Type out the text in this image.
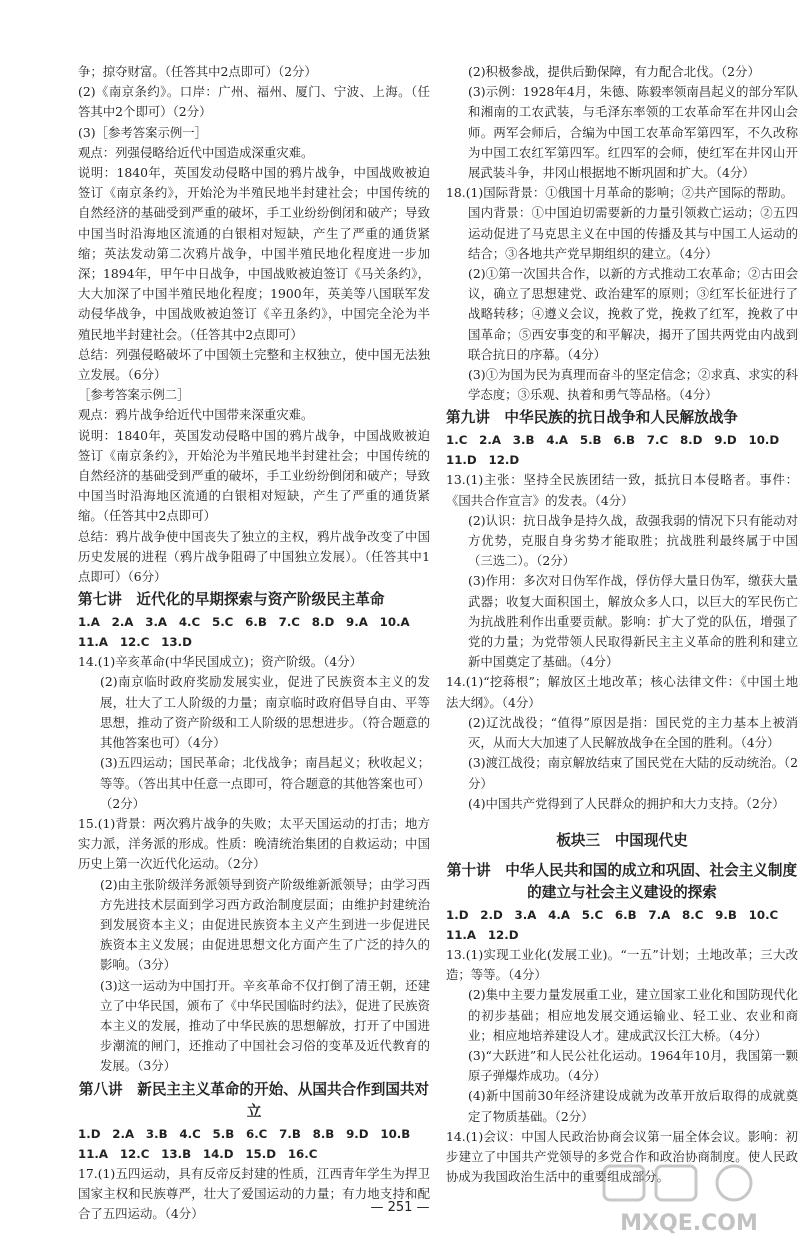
争；掠夺财富。（任答其中2点即可）（2分）

(2)《南京条约》。口岸：广州、福州、厦门、宁波、上海。（任答其中2个即可）（2分）

(3)［参考答案示例一］

观点：列强侵略给近代中国造成深重灾难。

说明：1840年，英国发动侵略中国的鸦片战争，中国战败被迫签订《南京条约》，开始沦为半殖民地半封建社会；中国传统的自然经济的基础受到严重的破坏，手工业纷纷倒闭和破产；导致中国当时沿海地区流通的白银相对短缺，产生了严重的通货紧缩；英法发动第二次鸦片战争，中国半殖民地化程度进一步加深；1894年，甲午中日战争，中国战败被迫签订《马关条约》，大大加深了中国半殖民地化程度；1900年，英美等八国联军发动侵华战争，中国战败被迫签订《辛丑条约》，中国完全沦为半殖民地半封建社会。（任答其中2点即可）

总结：列强侵略破坏了中国领土完整和主权独立，使中国无法独立发展。（6分）

［参考答案示例二］

观点：鸦片战争给近代中国带来深重灾难。

说明：1840年，英国发动侵略中国的鸦片战争，中国战败被迫签订《南京条约》，开始沦为半殖民地半封建社会；中国传统的自然经济的基础受到严重的破坏，手工业纷纷倒闭和破产；导致中国当时沿海地区流通的白银相对短缺，产生了严重的通货紧缩。（任答其中2点即可）

总结：鸦片战争使中国丧失了独立的主权，鸦片战争改变了中国历史发展的进程（鸦片战争阻碍了中国独立发展）。（任答其中1点即可）（6分）

第七讲　近代化的早期探索与资产阶级民主革命

1.A　2.A　3.A　4.C　5.C　6.B　7.C　8.D　9.A　10.A

11.A　12.C　13.D

14.(1)辛亥革命(中华民国成立)；资产阶级。（4分）

(2)南京临时政府奖励发展实业，促进了民族资本主义的发展，壮大了工人阶级的力量；南京临时政府倡导自由、平等思想，推动了资产阶级和工人阶级的思想进步。（符合题意的其他答案也可）（4分）

(3)五四运动；国民革命；北伐战争；南昌起义；秋收起义；等等。（答出其中任意一点即可，符合题意的其他答案也可）（2分）

15.(1)背景：两次鸦片战争的失败；太平天国运动的打击；地方实力派，洋务派的形成。性质：晚清统治集团的自救运动；中国历史上第一次近代化运动。（2分）

(2)由主张阶级洋务派领导到资产阶级维新派领导；由学习西方先进技术层面到学习西方政治制度层面；由维护封建统治到发展资本主义；由促进民族资本主义产生到进一步促进民族资本主义发展；由促进思想文化方面产生了广泛的持久的影响。（3分）

(3)这一运动为中国打开。辛亥革命不仅打倒了清王朝，还建立了中华民国，颁布了《中华民国临时约法》，促进了民族资本主义的发展，推动了中华民族的思想解放，打开了中国进步潮流的闸门，还推动了中国社会习俗的变革及近代教育的发展。（3分）

第八讲　新民主主义革命的开始、从国共合作到国共对立

1.D　2.A　3.B　4.C　5.B　6.C　7.B　8.B　9.D　10.B

11.A　12.C　13.B　14.D　15.D　16.C

17.(1)五四运动，具有反帝反封建的性质，江西青年学生为捍卫国家主权和民族尊严，壮大了爱国运动的力量；有力地支持和配合了五四运动。（4分）

(2)积极参战，提供后勤保障，有力配合北伐。（2分）

(3)示例：1928年4月，朱德、陈毅率领南昌起义的部分军队和湘南的工农武装，与毛泽东率领的工农革命军在井冈山会师。两军会师后，合编为中国工农革命军第四军，不久改称为中国工农红军第四军。红四军的会师，使红军在井冈山开展武装斗争，井冈山根据地不断巩固和扩大。（4分）

18.(1)国际背景：①俄国十月革命的影响；②共产国际的帮助。

国内背景：①中国迫切需要新的力量引领救亡运动；②五四运动促进了马克思主义在中国的传播及其与中国工人运动的结合；③各地共产党早期组织的建立。（4分）

(2)①第一次国共合作，以新的方式推动工农革命；②古田会议，确立了思想建党、政治建军的原则；③红军长征进行了战略转移；④遵义会议，挽救了党，挽救了红军，挽救了中国革命；⑤西安事变的和平解决，揭开了国共两党由内战到联合抗日的序幕。（4分）

(3)①为国为民为真理而奋斗的坚定信念；②求真、求实的科学态度；③乐观、执着和勇气等品格。（4分）

第九讲　中华民族的抗日战争和人民解放战争

1.C　2.A　3.B　4.A　5.B　6.B　7.C　8.D　9.D　10.D

11.D　12.D

13.(1)主张：坚持全民族团结一致，抵抗日本侵略者。事件：《国共合作宣言》的发表。（4分）

(2)认识：抗日战争是持久战，敌强我弱的情况下只有能动对方优势，克服自身劣势才能取胜；抗战胜利最终属于中国（三选二）。（2分）

(3)作用：多次对日伪军作战，俘仿俘大量日伪军，缴获大量武器；收复大面积国土，解放众多人口，以巨大的军民伤亡为抗战胜利作出重要贡献。影响：扩大了党的队伍，增强了党的力量；为党带领人民取得新民主主义革命的胜利和建立新中国奠定了基础。（4分）

14.(1)“挖蒋根”；解放区土地改革；核心法律文件：《中国土地法大纲》。（4分）

(2)辽沈战役；“值得”原因是指：国民党的主力基本上被消灭，从而大大加速了人民解放战争在全国的胜利。（4分）

(3)渡江战役；南京解放结束了国民党在大陆的反动统治。（2分）

(4)中国共产党得到了人民群众的拥护和大力支持。（2分）

板块三　中国现代史
第十讲　中华人民共和国的成立和巩固、社会主义制度的建立与社会主义建设的探索

1.D　2.D　3.A　4.A　5.C　6.B　7.A　8.C　9.B　10.C

11.A　12.D

13.(1)实现工业化(发展工业)。“一五”计划；土地改革；三大改造；等等。（4分）

(2)集中主要力量发展重工业，建立国家工业化和国防现代化的初步基础；相应地发展交通运输业、轻工业、农业和商业；相应地培养建设人才。建成武汉长江大桥。（4分）

(3)“大跃进”和人民公社化运动。1964年10月，我国第一颗原子弹爆炸成功。（4分）

(4)新中国前30年经济建设成就为改革开放后取得的成就奠定了物质基础。（2分）

14.(1)会议：中国人民政治协商会议第一届全体会议。影响：初步建立了中国共产党领导的多党合作和政治协商制度。使人民政协成为我国政治生活中的重要组成部分。

— 251 —
MXQE.COM
